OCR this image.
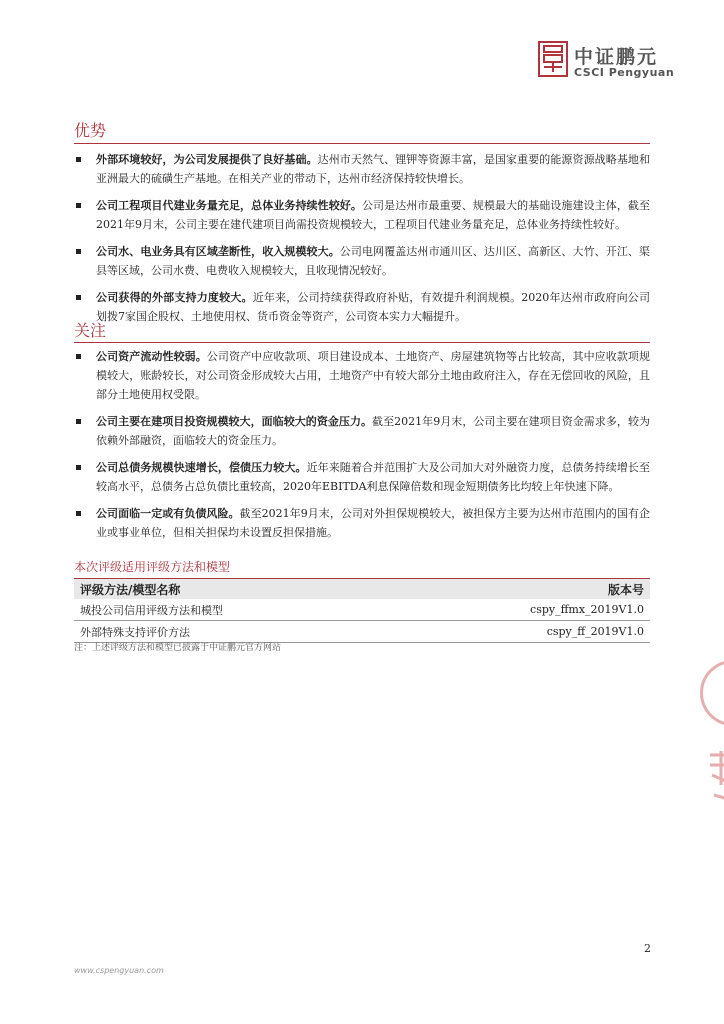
中证鹏元
CSCI Pengyuan
优势
外部环境较好，为公司发展提供了良好基础。达州市天然气、锂钾等资源丰富，是国家重要的能源资源战略基地和亚洲最大的硫磺生产基地。在相关产业的带动下，达州市经济保持较快增长。
公司工程项目代建业务量充足，总体业务持续性较好。公司是达州市最重要、规模最大的基础设施建设主体，截至2021年9月末，公司主要在建代建项目尚需投资规模较大，工程项目代建业务量充足，总体业务持续性较好。
公司水、电业务具有区域垄断性，收入规模较大。公司电网覆盖达州市通川区、达川区、高新区、大竹、开江、渠县等区域，公司水费、电费收入规模较大，且收现情况较好。
公司获得的外部支持力度较大。近年来，公司持续获得政府补贴，有效提升利润规模。2020年达州市政府向公司划拨7家国企股权、土地使用权、货币资金等资产，公司资本实力大幅提升。
关注
公司资产流动性较弱。公司资产中应收款项、项目建设成本、土地资产、房屋建筑物等占比较高，其中应收款项规模较大，账龄较长，对公司资金形成较大占用，土地资产中有较大部分土地由政府注入，存在无偿回收的风险，且部分土地使用权受限。
公司主要在建项目投资规模较大，面临较大的资金压力。截至2021年9月末，公司主要在建项目资金需求多，较为依赖外部融资，面临较大的资金压力。
公司总债务规模快速增长，偿债压力较大。近年来随着合并范围扩大及公司加大对外融资力度，总债务持续增长至较高水平，总债务占总负债比重较高，2020年EBITDA利息保障倍数和现金短期债务比均较上年快速下降。
公司面临一定或有负债风险。截至2021年9月末，公司对外担保规模较大，被担保方主要为达州市范围内的国有企业或事业单位，但相关担保均未设置反担保措施。
本次评级适用评级方法和模型
评级方法/模型名称	版本号
城投公司信用评级方法和模型	cspy_ffmx_2019V1.0
外部特殊支持评价方法	cspy_ff_2019V1.0
注：上述评级方法和模型已披露于中证鹏元官方网站
2
www.cspengyuan.com
